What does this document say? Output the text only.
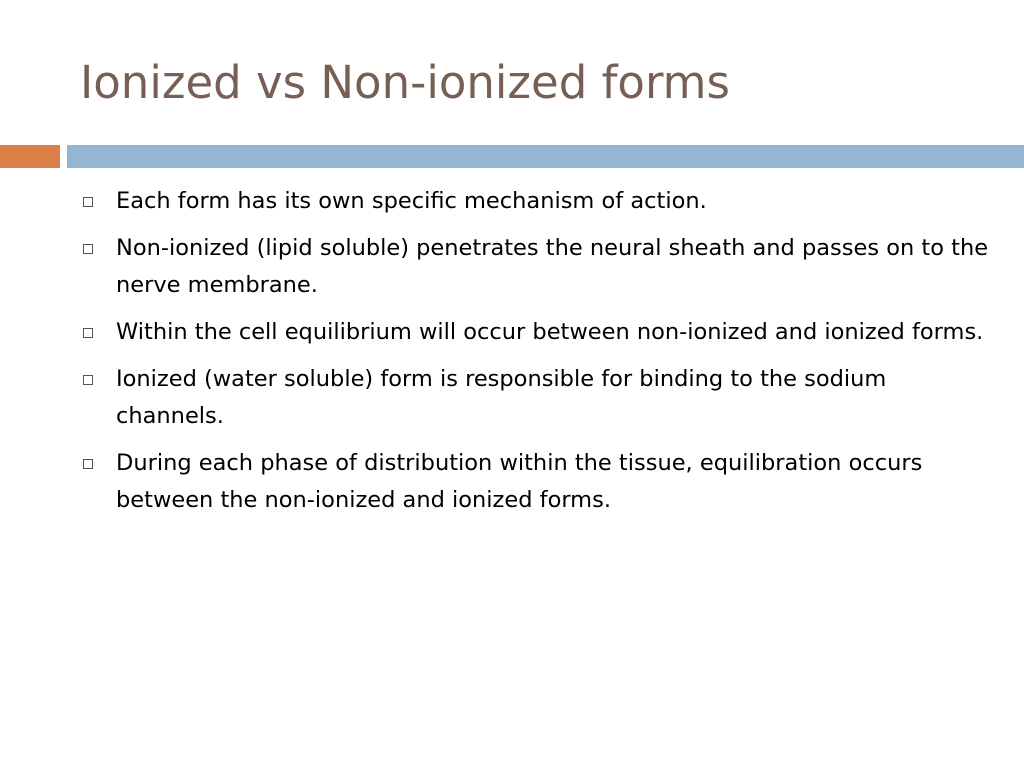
Ionized vs Non-ionized forms
Each form has its own specific mechanism of action.
Non-ionized (lipid soluble) penetrates the neural sheath and passes on to the nerve membrane.
Within the cell equilibrium will occur between non-ionized and ionized forms.
Ionized (water soluble) form is responsible for binding to the sodium channels.
During each phase of distribution within the tissue, equilibration occurs between the non-ionized and ionized forms.
